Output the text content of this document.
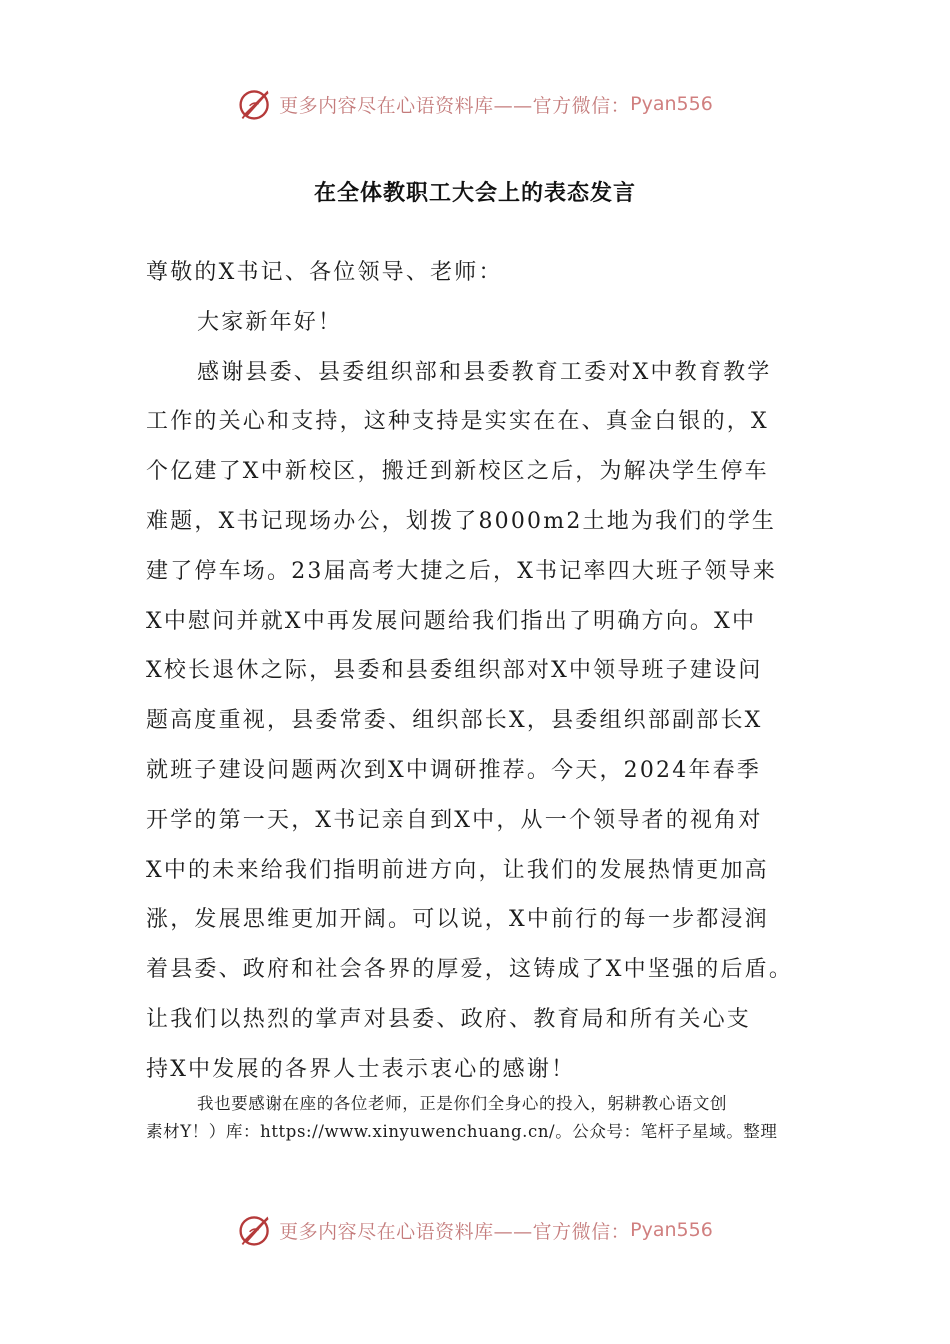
更多内容尽在心语资料库——官方微信： Pyan556
在全体教职工大会上的表态发言
尊敬的X书记、各位领导、老师：
大家新年好！
感谢县委、县委组织部和县委教育工委对X中教育教学
工作的关心和支持，这种支持是实实在在、真金白银的，X
个亿建了X中新校区，搬迁到新校区之后，为解决学生停车
难题，X书记现场办公，划拨了8000m2土地为我们的学生
建了停车场。23届高考大捷之后，X书记率四大班子领导来
X中慰问并就X中再发展问题给我们指出了明确方向。X中
X校长退休之际，县委和县委组织部对X中领导班子建设问
题高度重视，县委常委、组织部长X，县委组织部副部长X
就班子建设问题两次到X中调研推荐。今天，2024年春季
开学的第一天，X书记亲自到X中，从一个领导者的视角对
X中的未来给我们指明前进方向，让我们的发展热情更加高
涨，发展思维更加开阔。可以说，X中前行的每一步都浸润
着县委、政府和社会各界的厚爱，这铸成了X中坚强的后盾。
让我们以热烈的掌声对县委、政府、教育局和所有关心支
持X中发展的各界人士表示衷心的感谢！
我也要感谢在座的各位老师，正是你们全身心的投入，躬耕教心语文创
素材Y！）库：https://www.xinyuwenchuang.cn/。公众号：笔杆子星域。整理
更多内容尽在心语资料库——官方微信： Pyan556
